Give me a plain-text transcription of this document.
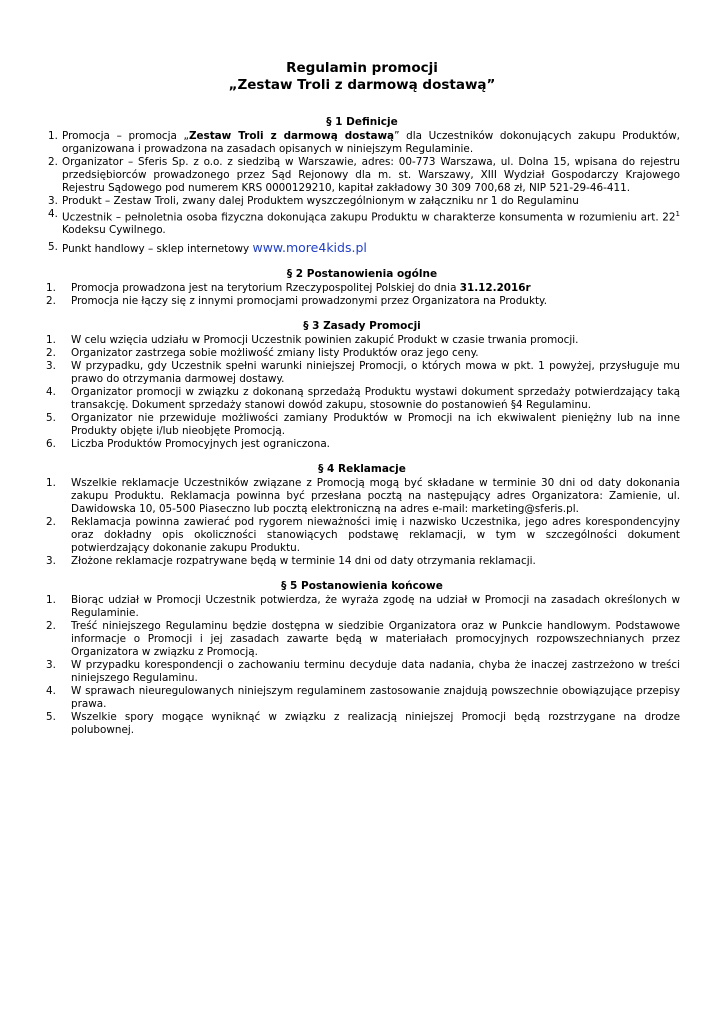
Regulamin promocji
„Zestaw Troli z darmową dostawą”
§ 1 Definicje
1. Promocja – promocja „Zestaw Troli z darmową dostawą” dla Uczestników dokonujących zakupu Produktów, organizowana i prowadzona na zasadach opisanych w niniejszym Regulaminie.
2. Organizator – Sferis Sp. z o.o. z siedzibą w Warszawie, adres: 00-773 Warszawa, ul. Dolna 15, wpisana do rejestru przedsiębiorców prowadzonego przez Sąd Rejonowy dla m. st. Warszawy, XIII Wydział Gospodarczy Krajowego Rejestru Sądowego pod numerem KRS 0000129210, kapitał zakładowy 30 309 700,68 zł, NIP 521-29-46-411.
3. Produkt – Zestaw Troli, zwany dalej Produktem wyszczególnionym w załączniku nr 1 do Regulaminu
4. Uczestnik – pełnoletnia osoba fizyczna dokonująca zakupu Produktu w charakterze konsumenta w rozumieniu art. $22^1$ Kodeksu Cywilnego.
5. Punkt handlowy – sklep internetowy www.more4kids.pl
§ 2 Postanowienia ogólne
1. Promocja prowadzona jest na terytorium Rzeczypospolitej Polskiej do dnia 31.12.2016r
2. Promocja nie łączy się z innymi promocjami prowadzonymi przez Organizatora na Produkty.
§ 3 Zasady Promocji
1. W celu wzięcia udziału w Promocji Uczestnik powinien zakupić Produkt w czasie trwania promocji.
2. Organizator zastrzega sobie możliwość zmiany listy Produktów oraz jego ceny.
3. W przypadku, gdy Uczestnik spełni warunki niniejszej Promocji, o których mowa w pkt. 1 powyżej, przysługuje mu prawo do otrzymania darmowej dostawy.
4. Organizator promocji w związku z dokonaną sprzedażą Produktu wystawi dokument sprzedaży potwierdzający taką transakcję. Dokument sprzedaży stanowi dowód zakupu, stosownie do postanowień §4 Regulaminu.
5. Organizator nie przewiduje możliwości zamiany Produktów w Promocji na ich ekwiwalent pieniężny lub na inne Produkty objęte i/lub nieobjęte Promocją.
6. Liczba Produktów Promocyjnych jest ograniczona.
§ 4 Reklamacje
1. Wszelkie reklamacje Uczestników związane z Promocją mogą być składane w terminie 30 dni od daty dokonania zakupu Produktu. Reklamacja powinna być przesłana pocztą na następujący adres Organizatora: Zamienie, ul. Dawidowska 10, 05-500 Piaseczno lub pocztą elektroniczną na adres e-mail: marketing@sferis.pl.
2. Reklamacja powinna zawierać pod rygorem nieważności imię i nazwisko Uczestnika, jego adres korespondencyjny oraz dokładny opis okoliczności stanowiących podstawę reklamacji, w tym w szczególności dokument potwierdzający dokonanie zakupu Produktu.
3. Złożone reklamacje rozpatrywane będą w terminie 14 dni od daty otrzymania reklamacji.
§ 5 Postanowienia końcowe
1. Biorąc udział w Promocji Uczestnik potwierdza, że wyraża zgodę na udział w Promocji na zasadach określonych w Regulaminie.
2. Treść niniejszego Regulaminu będzie dostępna w siedzibie Organizatora oraz w Punkcie handlowym. Podstawowe informacje o Promocji i jej zasadach zawarte będą w materiałach promocyjnych rozpowszechnianych przez Organizatora w związku z Promocją.
3. W przypadku korespondencji o zachowaniu terminu decyduje data nadania, chyba że inaczej zastrzeżono w treści niniejszego Regulaminu.
4. W sprawach nieuregulowanych niniejszym regulaminem zastosowanie znajdują powszechnie obowiązujące przepisy prawa.
5. Wszelkie spory mogące wyniknąć w związku z realizacją niniejszej Promocji będą rozstrzygane na drodze polubownej.
